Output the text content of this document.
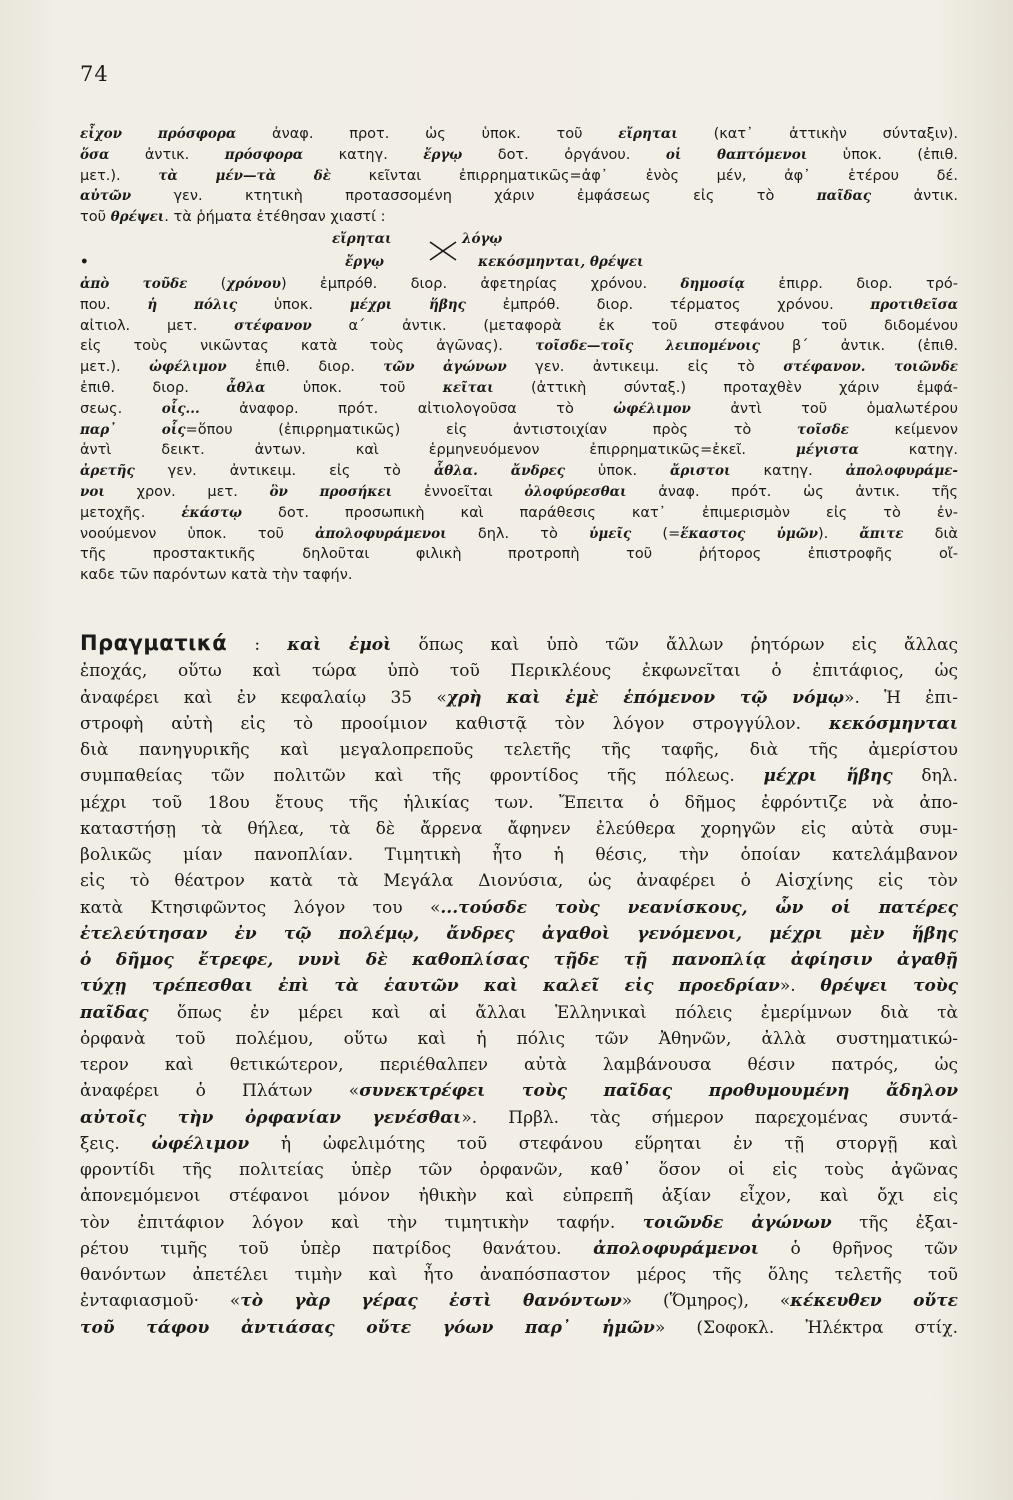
74

εἶχον πρόσφορα ἀναφ. προτ. ὡς ὑποκ. τοῦ εἴρηται (κατ᾽ ἀττικὴν σύνταξιν).

ὅσα ἀντικ. πρόσφορα κατηγ. ἔργῳ δοτ. ὀργάνου. οἱ θαπτόμενοι ὑποκ. (ἐπιθ.

μετ.). τὰ μέν—τὰ δὲ κεῖνται ἐπιρρηματικῶς=ἀφ᾽ ἑνὸς μέν, ἀφ᾽ ἑτέρου δέ.

αὐτῶν γεν. κτητικὴ προτασσομένη χάριν ἐμφάσεως εἰς τὸ παῖδας ἀντικ.

τοῦ θρέψει. τὰ ῥήματα ἐτέθησαν χιαστί :

•
εἴρηται	λόγῳ
ἔργῳ	κεκόσμηνται, θρέψει

ἀπὸ τοῦδε (χρόνου) ἐμπρόθ. διορ. ἀφετηρίας χρόνου. δημοσίᾳ ἐπιρρ. διορ. τρό-

που. ἡ πόλις ὑποκ. μέχρι ἥβης ἐμπρόθ. διορ. τέρματος χρόνου. προτιθεῖσα

αἰτιολ. μετ. στέφανον α΄ ἀντικ. (μεταφορὰ ἐκ τοῦ στεφάνου τοῦ διδομένου

εἰς τοὺς νικῶντας κατὰ τοὺς ἀγῶνας). τοῖσδε—τοῖς λειπομένοις β΄ ἀντικ. (ἐπιθ.

μετ.). ὠφέλιμον ἐπιθ. διορ. τῶν ἀγώνων γεν. ἀντικειμ. εἰς τὸ στέφανον. τοιῶνδε

ἐπιθ. διορ. ἆθλα ὑποκ. τοῦ κεῖται (ἀττικὴ σύνταξ.) προταχθὲν χάριν ἐμφά-

σεως. οἷς... ἀναφορ. πρότ. αἰτιολογοῦσα τὸ ὠφέλιμον ἀντὶ τοῦ ὁμαλωτέρου

παρ᾽ οἷς=ὅπου (ἐπιρρηματικῶς) εἰς ἀντιστοιχίαν πρὸς τὸ τοῖσδε κείμενον

ἀντὶ δεικτ. ἀντων. καὶ ἑρμηνευόμενον ἐπιρρηματικῶς=ἐκεῖ. μέγιστα κατηγ.

ἀρετῆς γεν. ἀντικειμ. εἰς τὸ ἆθλα. ἄνδρες ὑποκ. ἄριστοι κατηγ. ἀπολοφυράμε-

νοι χρον. μετ. ὃν προσήκει ἐννοεῖται ὀλοφύρεσθαι ἀναφ. πρότ. ὡς ἀντικ. τῆς

μετοχῆς. ἑκάστῳ δοτ. προσωπικὴ καὶ παράθεσις κατ᾽ ἐπιμερισμὸν εἰς τὸ ἐν-

νοούμενον ὑποκ. τοῦ ἀπολοφυράμενοι δηλ. τὸ ὑμεῖς (=ἕκαστος ὑμῶν). ἄπιτε διὰ

τῆς προστακτικῆς δηλοῦται φιλικὴ προτροπὴ τοῦ ῥήτορος ἐπιστροφῆς οἴ-

καδε τῶν παρόντων κατὰ τὴν ταφήν.

Πραγματικά : καὶ ἐμοὶ ὅπως καὶ ὑπὸ τῶν ἄλλων ῥητόρων εἰς ἄλλας

ἐποχάς, οὕτω καὶ τώρα ὑπὸ τοῦ Περικλέους ἐκφωνεῖται ὁ ἐπιτάφιος, ὡς

ἀναφέρει καὶ ἐν κεφαλαίῳ 35 «χρὴ καὶ ἐμὲ ἑπόμενον τῷ νόμῳ». Ἡ ἐπι-

στροφὴ αὐτὴ εἰς τὸ προοίμιον καθιστᾷ τὸν λόγον στρογγύλον. κεκόσμηνται

διὰ πανηγυρικῆς καὶ μεγαλοπρεποῦς τελετῆς τῆς ταφῆς, διὰ τῆς ἀμερίστου

συμπαθείας τῶν πολιτῶν καὶ τῆς φροντίδος τῆς πόλεως. μέχρι ἥβης δηλ.

μέχρι τοῦ 18ου ἔτους τῆς ἡλικίας των. Ἔπειτα ὁ δῆμος ἐφρόντιζε νὰ ἀπο-

καταστήσῃ τὰ θήλεα, τὰ δὲ ἄρρενα ἄφηνεν ἐλεύθερα χορηγῶν εἰς αὐτὰ συμ-

βολικῶς μίαν πανοπλίαν. Τιμητικὴ ἦτο ἡ θέσις, τὴν ὁποίαν κατελάμβανον

εἰς τὸ θέατρον κατὰ τὰ Μεγάλα Διονύσια, ὡς ἀναφέρει ὁ Αἰσχίνης εἰς τὸν

κατὰ Κτησιφῶντος λόγον του «...τούσδε τοὺς νεανίσκους, ὧν οἱ πατέρες

ἐτελεύτησαν ἐν τῷ πολέμῳ, ἄνδρες ἀγαθοὶ γενόμενοι, μέχρι μὲν ἥβης

ὁ δῆμος ἔτρεφε, νυνὶ δὲ καθοπλίσας τῇδε τῇ πανοπλίᾳ ἀφίησιν ἀγαθῇ

τύχῃ τρέπεσθαι ἐπὶ τὰ ἑαυτῶν καὶ καλεῖ εἰς προεδρίαν». θρέψει τοὺς

παῖδας ὅπως ἐν μέρει καὶ αἱ ἄλλαι Ἑλληνικαὶ πόλεις ἐμερίμνων διὰ τὰ

ὀρφανὰ τοῦ πολέμου, οὕτω καὶ ἡ πόλις τῶν Ἀθηνῶν, ἀλλὰ συστηματικώ-

τερον καὶ θετικώτερον, περιέθαλπεν αὐτὰ λαμβάνουσα θέσιν πατρός, ὡς

ἀναφέρει ὁ Πλάτων «συνεκτρέφει τοὺς παῖδας προθυμουμένη ἄδηλον

αὐτοῖς τὴν ὀρφανίαν γενέσθαι». Πρβλ. τὰς σήμερον παρεχομένας συντά-

ξεις. ὠφέλιμον ἡ ὠφελιμότης τοῦ στεφάνου εὕρηται ἐν τῇ στοργῇ καὶ

φροντίδι τῆς πολιτείας ὑπὲρ τῶν ὀρφανῶν, καθ᾽ ὅσον οἱ εἰς τοὺς ἀγῶνας

ἀπονεμόμενοι στέφανοι μόνον ἠθικὴν καὶ εὐπρεπῆ ἀξίαν εἶχον, καὶ ὄχι εἰς

τὸν ἐπιτάφιον λόγον καὶ τὴν τιμητικὴν ταφήν. τοιῶνδε ἀγώνων τῆς ἐξαι-

ρέτου τιμῆς τοῦ ὑπὲρ πατρίδος θανάτου. ἀπολοφυράμενοι ὁ θρῆνος τῶν

θανόντων ἀπετέλει τιμὴν καὶ ἦτο ἀναπόσπαστον μέρος τῆς ὅλης τελετῆς τοῦ

ἐνταφιασμοῦ· «τὸ γὰρ γέρας ἐστὶ θανόντων» (Ὅμηρος), «κέκευθεν οὔτε

τοῦ τάφου ἀντιάσας οὔτε γόων παρ᾽ ἡμῶν» (Σοφοκλ. Ἠλέκτρα στίχ.
